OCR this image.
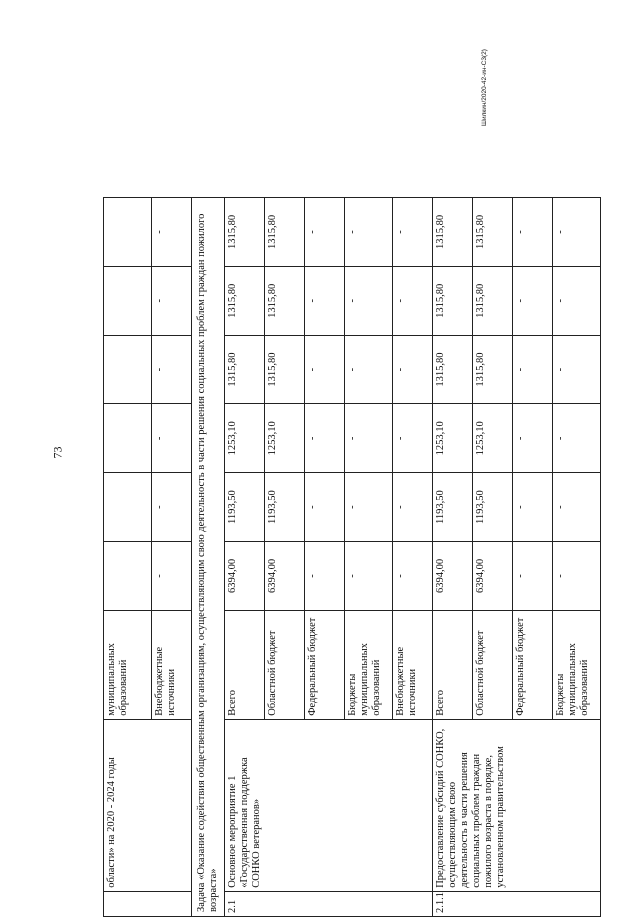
73
Шилкин/2020-42-ин-С3(2)
	области» на 2020 - 2024 годы	муниципальных образований						
		Внебюджетные источники	-	-	-	-	-	-
Задача «Оказание содействия общественным организациям, осуществляющим свою деятельность в части решения социальных проблем граждан пожилого возраста»								
2.1	Основное мероприятие 1 «Государственная поддержка СОНКО ветеранов»	Всего	6394,00	1193,50	1253,10	1315,80	1315,80	1315,80
		Областной бюджет	6394,00	1193,50	1253,10	1315,80	1315,80	1315,80
		Федеральный бюджет	-	-	-	-	-	-
		Бюджеты муниципальных образований	-	-	-	-	-	-
		Внебюджетные источники	-	-	-	-	-	-
2.1.1	Предоставление субсидий СОНКО, осуществляющим свою деятельность в части решения социальных проблем граждан пожилого возраста в порядке, установленном правительством	Всего	6394,00	1193,50	1253,10	1315,80	1315,80	1315,80
		Областной бюджет	6394,00	1193,50	1253,10	1315,80	1315,80	1315,80
		Федеральный бюджет	-	-	-	-	-	-
		Бюджеты муниципальных образований	-	-	-	-	-	-
